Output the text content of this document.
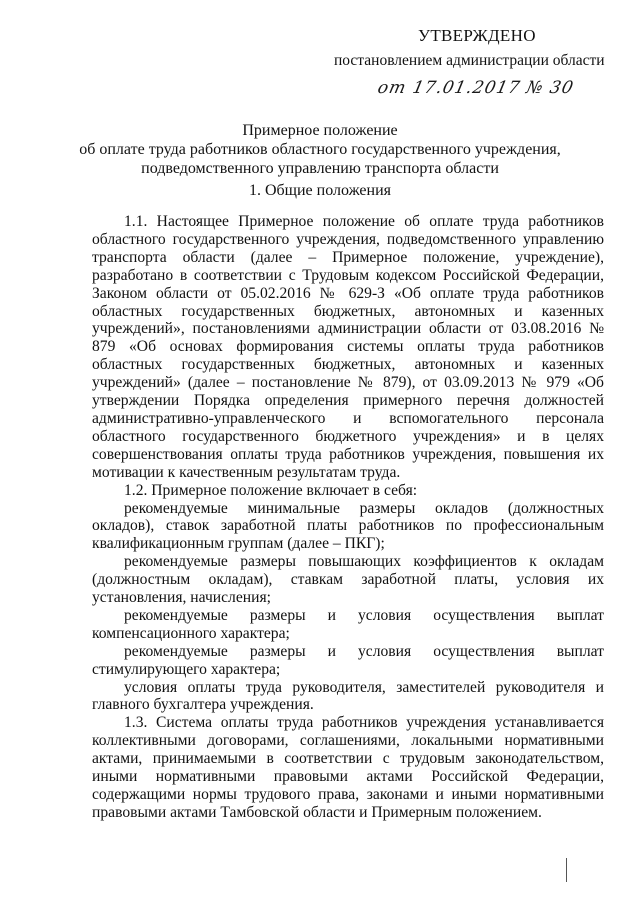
УТВЕРЖДЕНО
постановлением администрации области
от 17.01.2017 № 30
Примерное положение
об оплате труда работников областного государственного учреждения,
подведомственного управлению транспорта области
1. Общие положения

1.1. Настоящее Примерное положение об оплате труда работников областного государственного учреждения, подведомственного управлению транспорта области (далее – Примерное положение, учреждение), разработано в соответствии с Трудовым кодексом Российской Федерации, Законом области от 05.02.2016 № 629-З «Об оплате труда работников областных государственных бюджетных, автономных и казенных учреждений», постановлениями администрации области от 03.08.2016 № 879 «Об основах формирования системы оплаты труда работников областных государственных бюджетных, автономных и казенных учреждений» (далее – постановление № 879), от 03.09.2013 № 979 «Об утверждении Порядка определения примерного перечня должностей административно-управленческого и вспомогательного персонала областного государственного бюджетного учреждения» и в целях совершенствования оплаты труда работников учреждения, повышения их мотивации к качественным результатам труда.

1.2. Примерное положение включает в себя:

рекомендуемые минимальные размеры окладов (должностных окладов), ставок заработной платы работников по профессиональным квалификационным группам (далее – ПКГ);

рекомендуемые размеры повышающих коэффициентов к окладам (должностным окладам), ставкам заработной платы, условия их установления, начисления;

рекомендуемые размеры и условия осуществления выплат компенсационного характера;

рекомендуемые размеры и условия осуществления выплат стимулирующего характера;

условия оплаты труда руководителя, заместителей руководителя и главного бухгалтера учреждения.

1.3. Система оплаты труда работников учреждения устанавливается коллективными договорами, соглашениями, локальными нормативными актами, принимаемыми в соответствии с трудовым законодательством, иными нормативными правовыми актами Российской Федерации, содержащими нормы трудового права, законами и иными нормативными правовыми актами Тамбовской области и Примерным положением.
